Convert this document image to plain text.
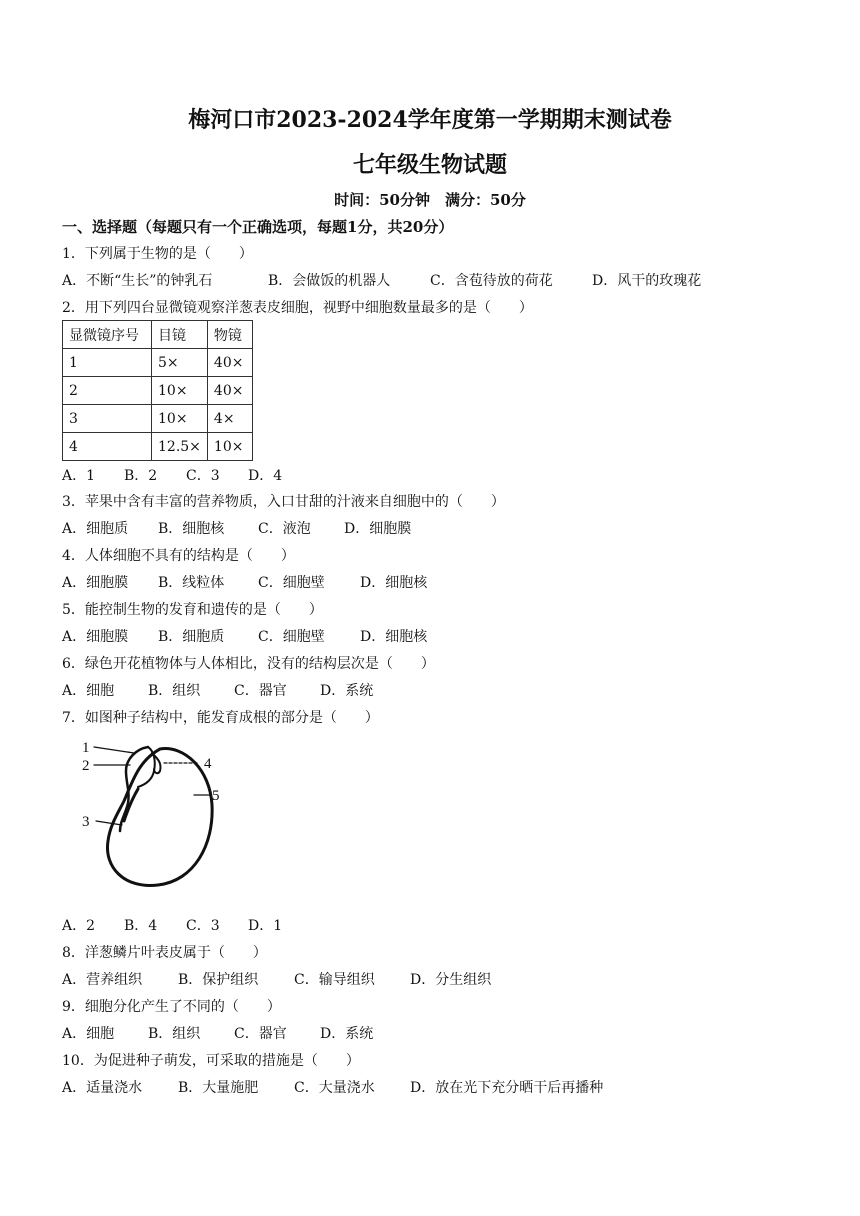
梅河口市2023-2024学年度第一学期期末测试卷
七年级生物试题
时间：50分钟　满分：50分
一、选择题（每题只有一个正确选项，每题1分，共20分）
1．下列属于生物的是（　　）
A．不断“生长”的钟乳石	B．会做饭的机器人	C．含苞待放的荷花	D．风干的玫瑰花
2．用下列四台显微镜观察洋葱表皮细胞，视野中细胞数量最多的是（　　）
显微镜序号	目镜	物镜
1	5×	40×
2	10×	40×
3	10×	4×
4	12.5×	10×
A．1 B．2 C．3 D．4
3．苹果中含有丰富的营养物质，入口甘甜的汁液来自细胞中的（　　）
A．细胞质 B．细胞核 C．液泡 D．细胞膜
4．人体细胞不具有的结构是（　　）
A．细胞膜 B．线粒体 C．细胞壁	D．细胞核
5．能控制生物的发育和遗传的是（　　）
A．细胞膜 B．细胞质 C．细胞壁	D．细胞核
6．绿色开花植物体与人体相比，没有的结构层次是（　　）
A．细胞 B．组织 C．器官 D．系统
7．如图种子结构中，能发育成根的部分是（　　）
1
2
3
4
5
A．2 B．4 C．3 D．1
8．洋葱鳞片叶表皮属于（　　）
A．营养组织	B．保护组织	C．输导组织	D．分生组织
9．细胞分化产生了不同的（　　）
A．细胞 B．组织 C．器官 D．系统
10．为促进种子萌发，可采取的措施是（　　）
A．适量浇水	B．大量施肥	C．大量浇水	D．放在光下充分晒干后再播种
